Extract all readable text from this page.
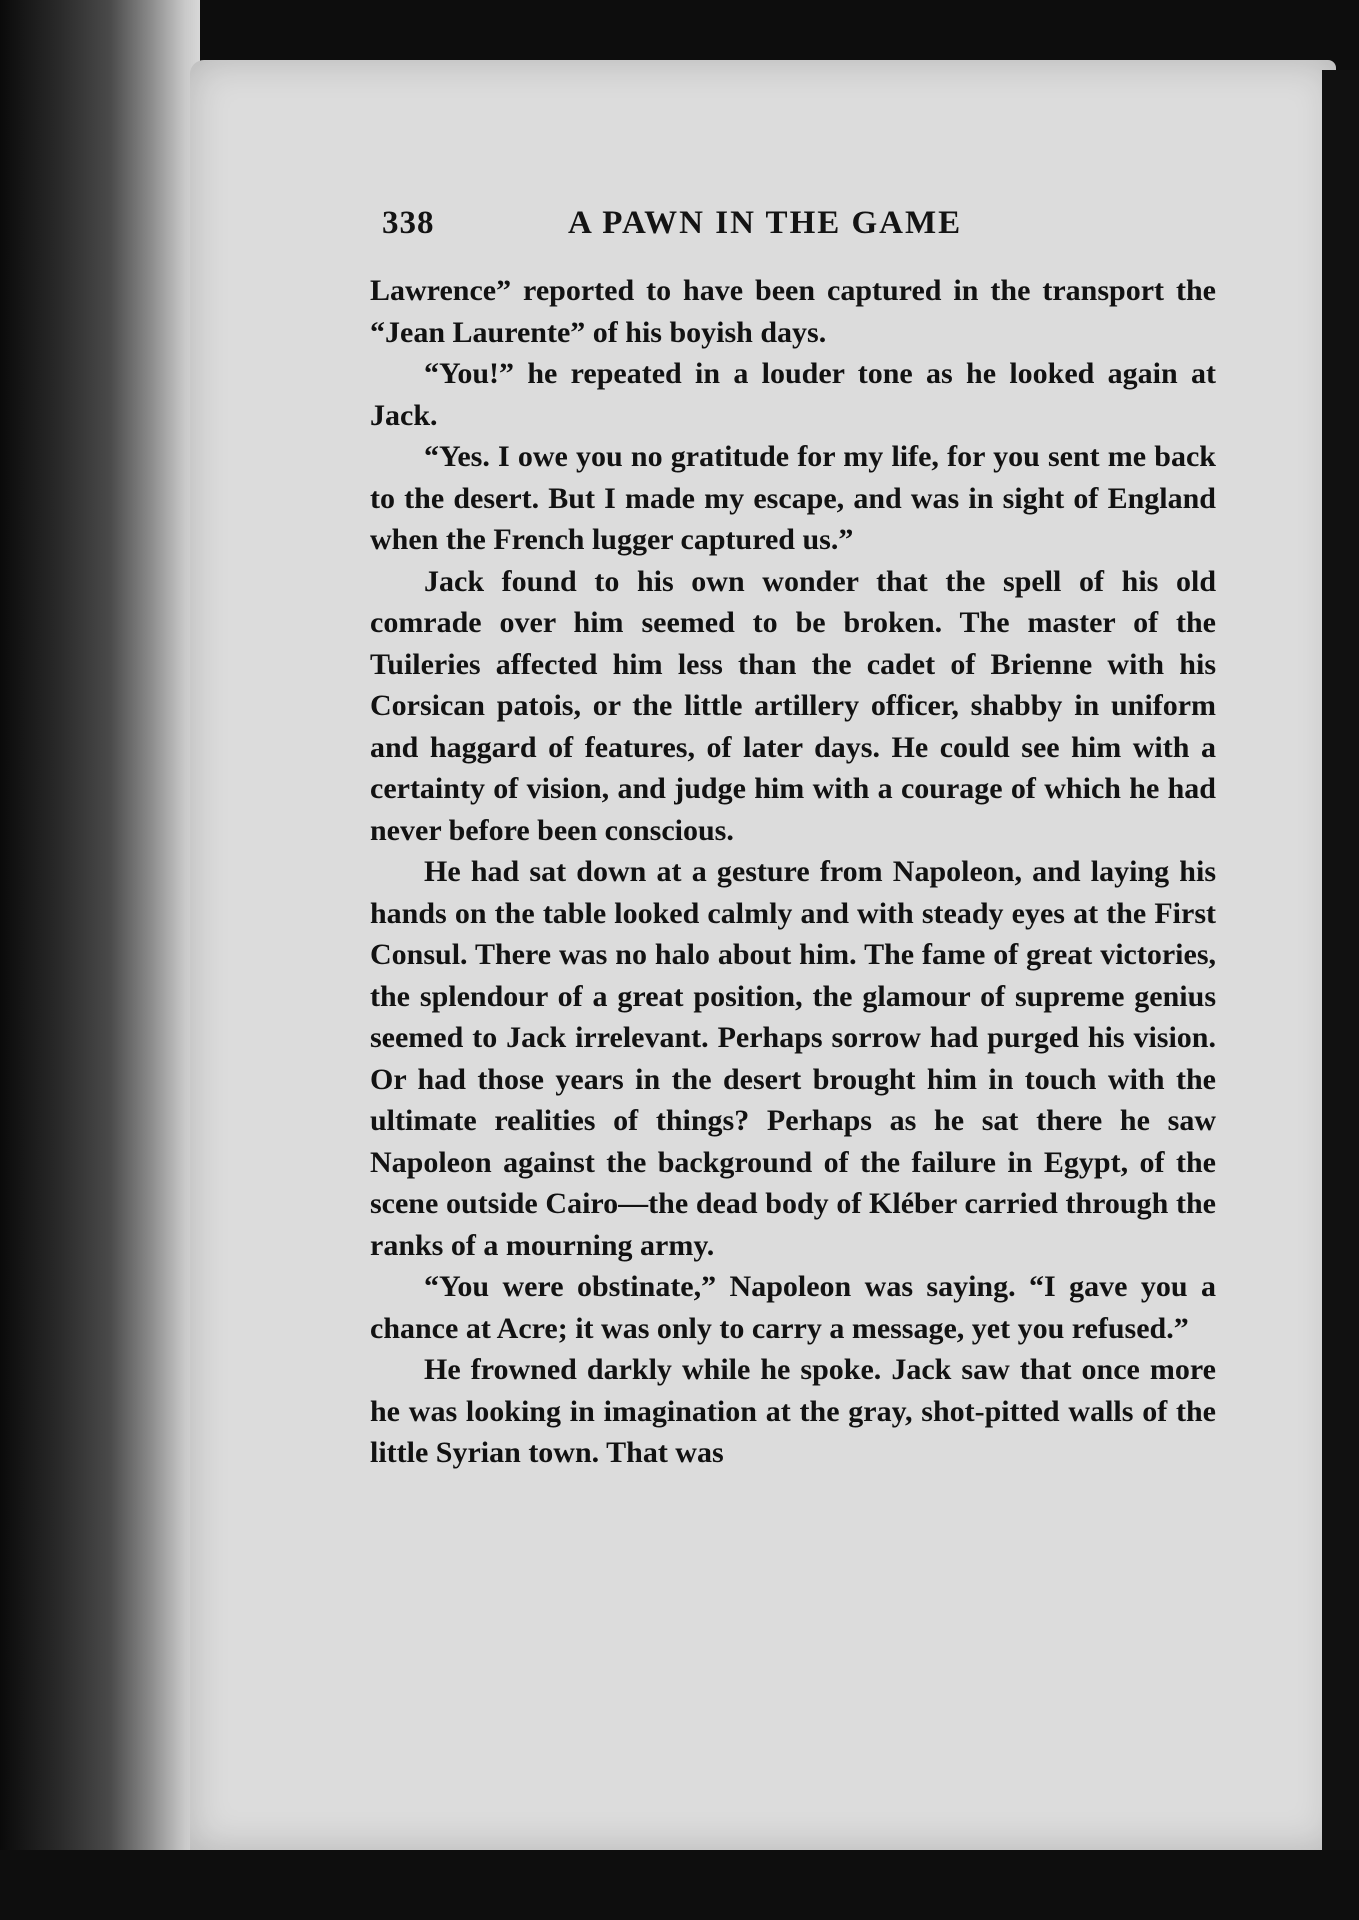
338	A PAWN IN THE GAME

Lawrence” reported to have been captured in the transport the “Jean Laurente” of his boyish days.

“You!” he repeated in a louder tone as he looked again at Jack.

“Yes. I owe you no gratitude for my life, for you sent me back to the desert. But I made my escape, and was in sight of England when the French lugger captured us.”

Jack found to his own wonder that the spell of his old comrade over him seemed to be broken. The master of the Tuileries affected him less than the cadet of Brienne with his Corsican patois, or the little artillery officer, shabby in uniform and haggard of features, of later days. He could see him with a certainty of vision, and judge him with a courage of which he had never before been conscious.

He had sat down at a gesture from Napoleon, and laying his hands on the table looked calmly and with steady eyes at the First Consul. There was no halo about him. The fame of great victories, the splendour of a great position, the glamour of supreme genius seemed to Jack irrelevant. Perhaps sorrow had purged his vision. Or had those years in the desert brought him in touch with the ultimate realities of things? Perhaps as he sat there he saw Napoleon against the background of the failure in Egypt, of the scene outside Cairo—the dead body of Kléber carried through the ranks of a mourning army.

“You were obstinate,” Napoleon was saying. “I gave you a chance at Acre; it was only to carry a message, yet you refused.”

He frowned darkly while he spoke. Jack saw that once more he was looking in imagination at the gray, shot-pitted walls of the little Syrian town. That was
